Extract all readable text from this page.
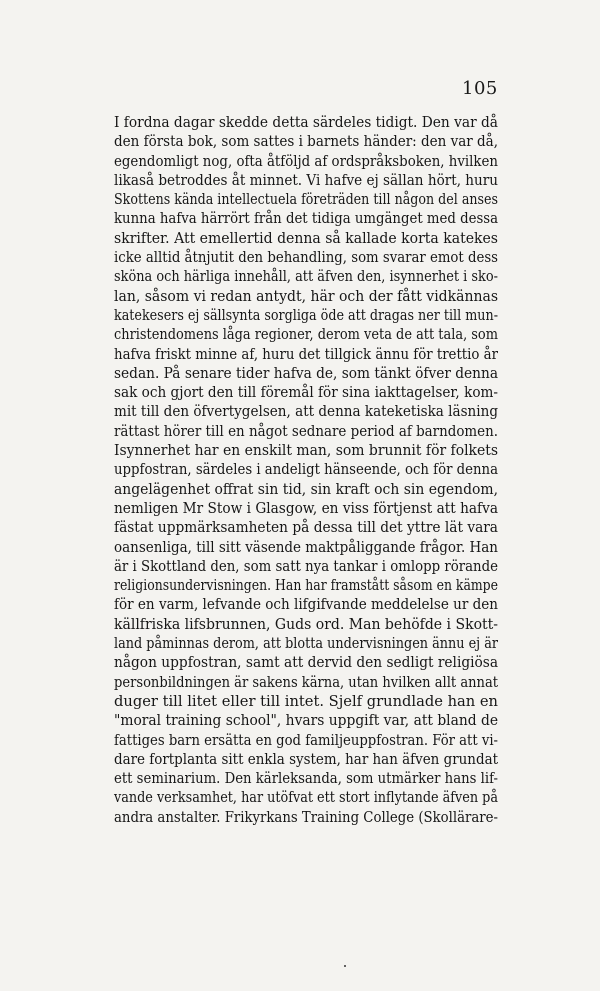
105
I fordna dagar skedde detta särdeles tidigt. Den var då
den första bok, som sattes i barnets händer: den var då,
egendomligt nog, ofta åtföljd af ordspråksboken, hvilken
likaså betroddes åt minnet. Vi hafve ej sällan hört, huru
Skottens kända intellectuela företräden till någon del anses
kunna hafva härrört från det tidiga umgänget med dessa
skrifter. Att emellertid denna så kallade korta katekes
icke alltid åtnjutit den behandling, som svarar emot dess
sköna och härliga innehåll, att äfven den, isynnerhet i sko-
lan, såsom vi redan antydt, här och der fått vidkännas
katekesers ej sällsynta sorgliga öde att dragas ner till mun-
christendomens låga regioner, derom veta de att tala, som
hafva friskt minne af, huru det tillgick ännu för trettio år
sedan. På senare tider hafva de, som tänkt öfver denna
sak och gjort den till föremål för sina iakttagelser, kom-
mit till den öfvertygelsen, att denna kateketiska läsning
rättast hörer till en något sednare period af barndomen.
Isynnerhet har en enskilt man, som brunnit för folkets
uppfostran, särdeles i andeligt hänseende, och för denna
angelägenhet offrat sin tid, sin kraft och sin egendom,
nemligen Mr Stow i Glasgow, en viss förtjenst att hafva
fästat uppmärksamheten på dessa till det yttre lät vara
oansenliga, till sitt väsende maktpåliggande frågor. Han
är i Skottland den, som satt nya tankar i omlopp rörande
religionsundervisningen. Han har framstått såsom en kämpe
för en varm, lefvande och lifgifvande meddelelse ur den
källfriska lifsbrunnen, Guds ord. Man behöfde i Skott-
land påminnas derom, att blotta undervisningen ännu ej är
någon uppfostran, samt att dervid den sedligt religiösa
personbildningen är sakens kärna, utan hvilken allt annat
duger till litet eller till intet. Sjelf grundlade han en
"moral training school", hvars uppgift var, att bland de
fattiges barn ersätta en god familjeuppfostran. För att vi-
dare fortplanta sitt enkla system, har han äfven grundat
ett seminarium. Den kärleksanda, som utmärker hans lif-
vande verksamhet, har utöfvat ett stort inflytande äfven på
andra anstalter. Frikyrkans Training College (Skollärare-
